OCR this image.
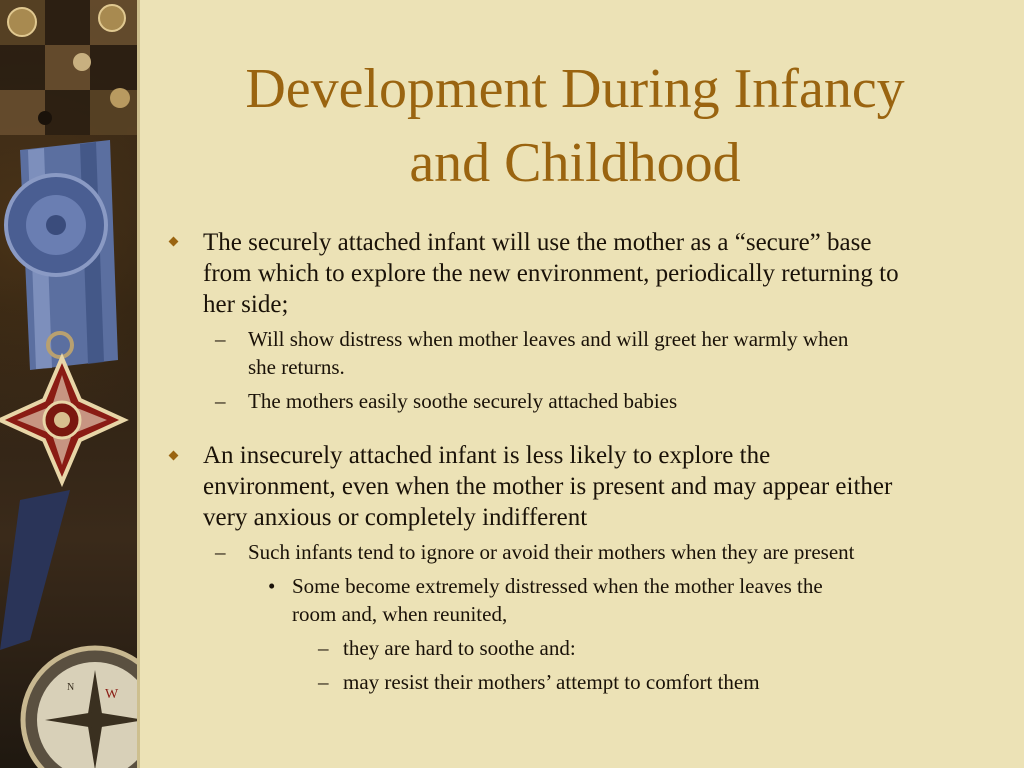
W
N
Development During Infancy
and Childhood
The securely attached infant will use the mother as a “secure” base
from which to explore the new environment, periodically returning to
her side;
– Will show distress when mother leaves and will greet her warmly when
she returns.
– The mothers easily soothe securely attached babies
An insecurely attached infant is less likely to explore the
environment, even when the mother is present and may appear either
very anxious or completely indifferent
– Such infants tend to ignore or avoid their mothers when they are present
• Some become extremely distressed when the mother leaves the
room and, when reunited,
– they are hard to soothe and:
– may resist their mothers’ attempt to comfort them
